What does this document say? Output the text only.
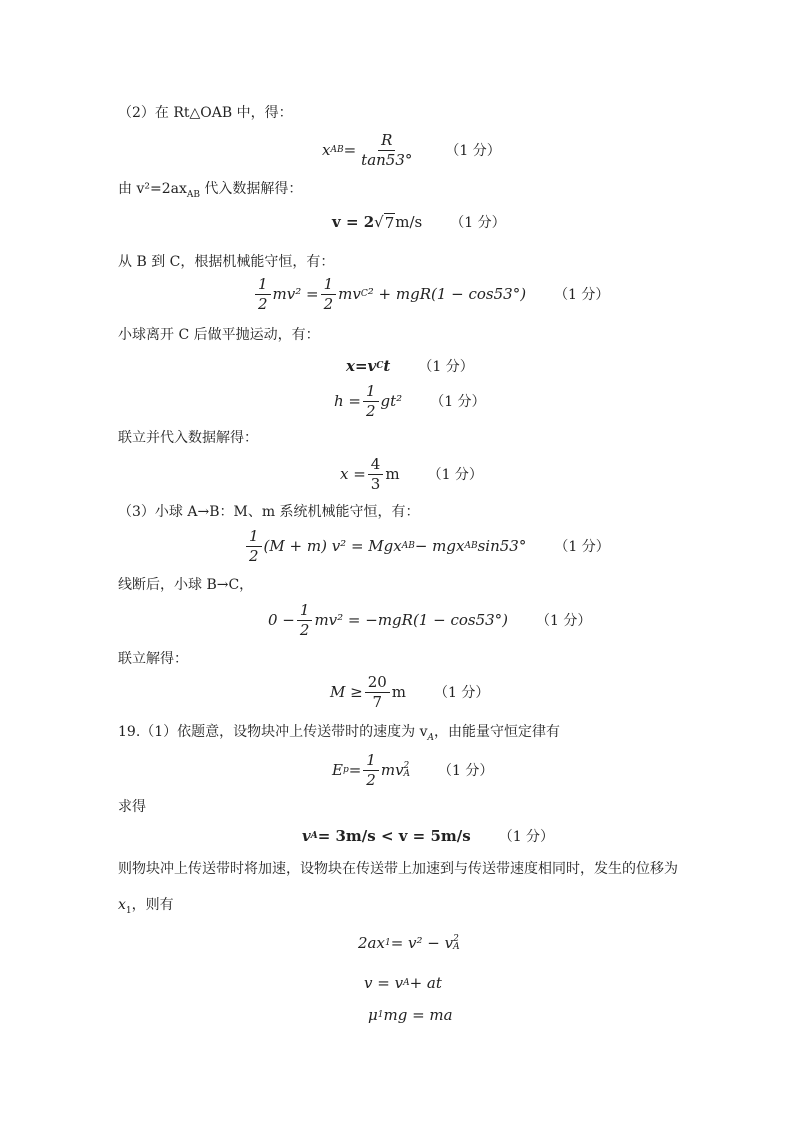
（2）在 Rt△OAB 中，得：
x AB = $\frac{R}{\tan 53^\circ} (1$ 分）
由 $v^2=2ax_{AB}$ 代入数据解得：
v = 2 √ 7 m/s （1 分）
从 B 到 C，根据机械能守恒，有：
$\frac{1}{2} mv^2 = \frac{1}{2}$ mv C ² + mgR(1 − cos53°) （1 分）
小球离开 C 后做平抛运动，有：
x=v C t （1 分）
$h = \frac{1}{2} gt^2$ （1 分）
联立并代入数据解得：
$x = \frac{4}{3}$ m （1 分）
（3）小球 A→B：M、m 系统机械能守恒，有：
$\frac{1}{2} (M + m) v^2$ = Mgx AB − mgx AB sin53° （1 分）
线断后，小球 B→C，
$0 - \frac{1}{2} mv^2 = -mgR(1 - \cos 53^\circ)$ （1 分）
联立解得：
$M \ge \frac{20}{7}$ m （1 分）
19.（1）依题意，设物块冲上传送带时的速度为 $v_A$，由能量守恒定律有
E $p = \frac{1}{2}$ mv 2
A （1 分）
求得
v A = 3m/s < v = 5m/s （1 分）
则物块冲上传送带时将加速，设物块在传送带上加速到与传送带速度相同时，发生的位移为
$x_1$，则有
2ax 1 = v² − v 2
A
v = v A + at
μ 1 mg = ma
